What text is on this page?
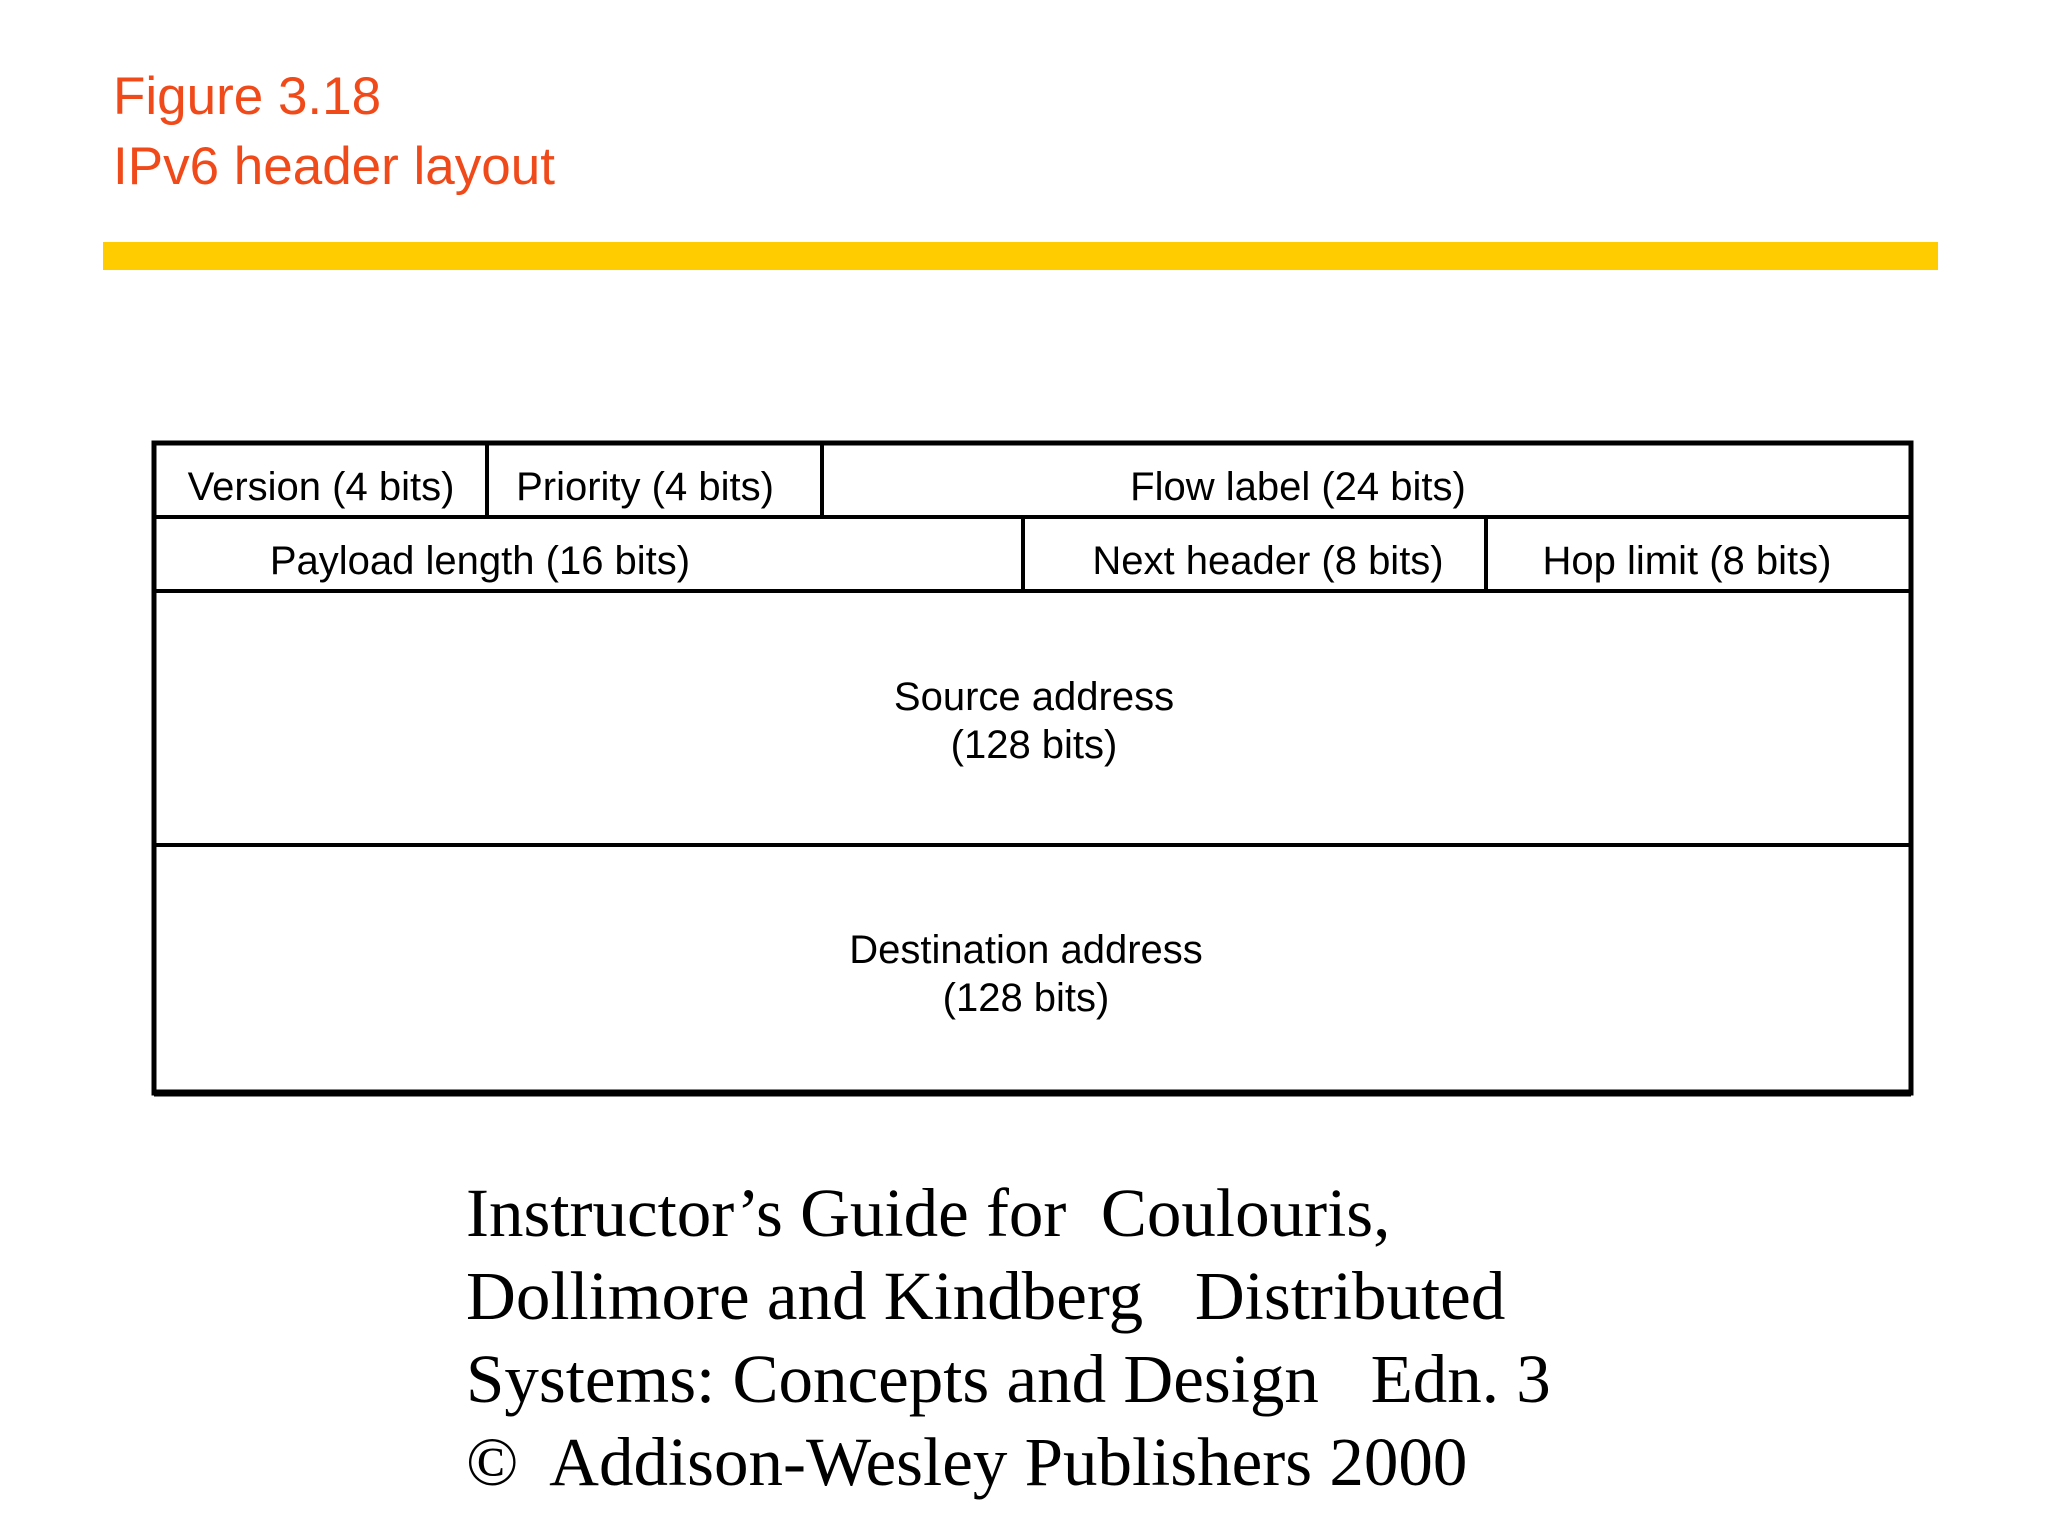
Figure 3.18
IPv6 header layout
Version (4 bits) Priority (4 bits)	Flow label (24 bits)
Payload length (16 bits)	Next header (8 bits) Hop limit (8 bits)
Source address
(128 bits)
Destination address
(128 bits)
Instructor’s Guide for  Coulouris,
Dollimore and Kindberg   Distributed
Systems: Concepts and Design   Edn. 3
©  Addison-Wesley Publishers 2000
